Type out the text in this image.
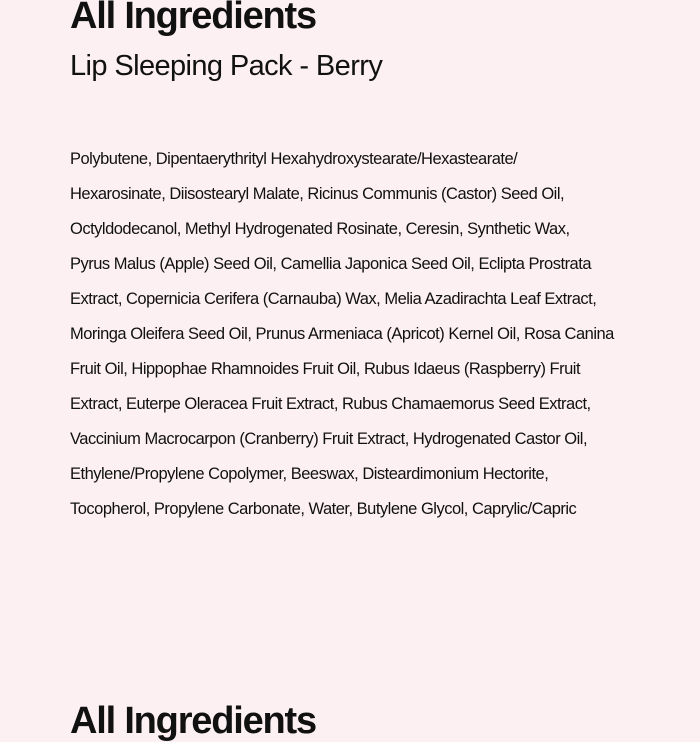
All Ingredients
Lip Sleeping Pack - Berry

Polybutene, Dipentaerythrityl Hexahydroxystearate/Hexastearate/
Hexarosinate, Diisostearyl Malate, Ricinus Communis (Castor) Seed Oil,
Octyldodecanol, Methyl Hydrogenated Rosinate, Ceresin, Synthetic Wax,
Pyrus Malus (Apple) Seed Oil, Camellia Japonica Seed Oil, Eclipta Prostrata
Extract, Copernicia Cerifera (Carnauba) Wax, Melia Azadirachta Leaf Extract,
Moringa Oleifera Seed Oil, Prunus Armeniaca (Apricot) Kernel Oil, Rosa Canina
Fruit Oil, Hippophae Rhamnoides Fruit Oil, Rubus Idaeus (Raspberry) Fruit
Extract, Euterpe Oleracea Fruit Extract, Rubus Chamaemorus Seed Extract,
Vaccinium Macrocarpon (Cranberry) Fruit Extract, Hydrogenated Castor Oil,
Ethylene/Propylene Copolymer, Beeswax, Disteardimonium Hectorite,
Tocopherol, Propylene Carbonate, Water, Butylene Glycol, Caprylic/Capric

All Ingredients
